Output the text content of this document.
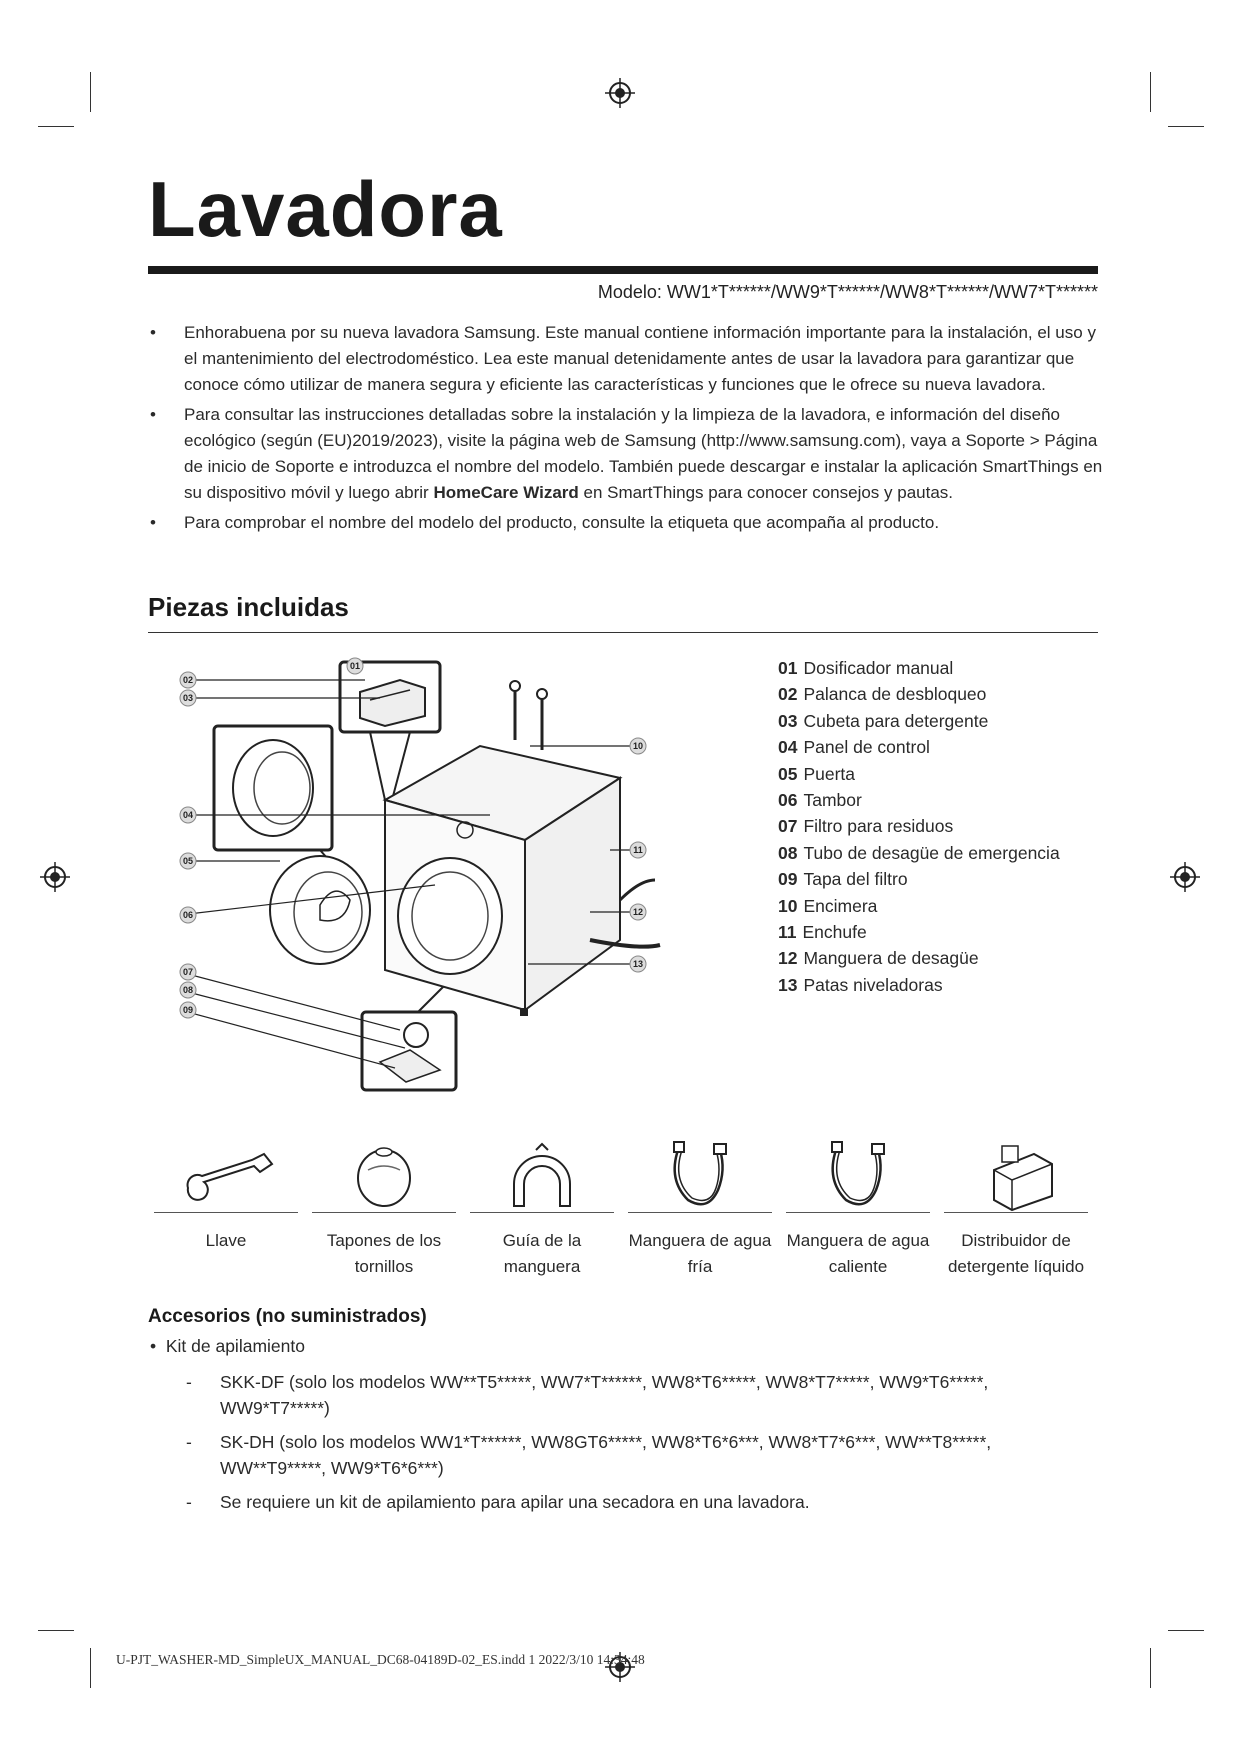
Lavadora
Modelo: WW1*T******/WW9*T******/WW8*T******/WW7*T******
• Enhorabuena por su nueva lavadora Samsung. Este manual contiene información importante para la instalación, el uso y el mantenimiento del electrodoméstico. Lea este manual detenidamente antes de usar la lavadora para garantizar que conoce cómo utilizar de manera segura y eficiente las características y funciones que le ofrece su nueva lavadora.
• Para consultar las instrucciones detalladas sobre la instalación y la limpieza de la lavadora, e información del diseño ecológico (según (EU)2019/2023), visite la página web de Samsung (http://www.samsung.com), vaya a Soporte > Página de inicio de Soporte e introduzca el nombre del modelo. También puede descargar e instalar la aplicación SmartThings en su dispositivo móvil y luego abrir HomeCare Wizard en SmartThings para conocer consejos y pautas.
• Para comprobar el nombre del modelo del producto, consulte la etiqueta que acompaña al producto.
Piezas incluidas
01
02
03
04
05
06
07
08
09
10
11
12
13
01 Dosificador manual
02 Palanca de desbloqueo
03 Cubeta para detergente
04 Panel de control
05 Puerta
06 Tambor
07 Filtro para residuos
08 Tubo de desagüe de emergencia
09 Tapa del filtro
10 Encimera
11 Enchufe
12 Manguera de desagüe
13 Patas niveladoras
Llave	Tapones de los tornillos
Guía de la manguera
Manguera de agua fría
Manguera de agua caliente
Distribuidor de detergente líquido
Accesorios (no suministrados)
•  Kit de apilamiento
- SKK-DF (solo los modelos WW**T5*****, WW7*T******, WW8*T6*****, WW8*T7*****, WW9*T6*****, WW9*T7*****)
- SK-DH (solo los modelos WW1*T******, WW8GT6*****, WW8*T6*6***, WW8*T7*6***, WW**T8*****, WW**T9*****, WW9*T6*6***)
- Se requiere un kit de apilamiento para apilar una secadora en una lavadora.
U-PJT_WASHER-MD_SimpleUX_MANUAL_DC68-04189D-02_ES.indd 1 2022/3/10 14:34:48
